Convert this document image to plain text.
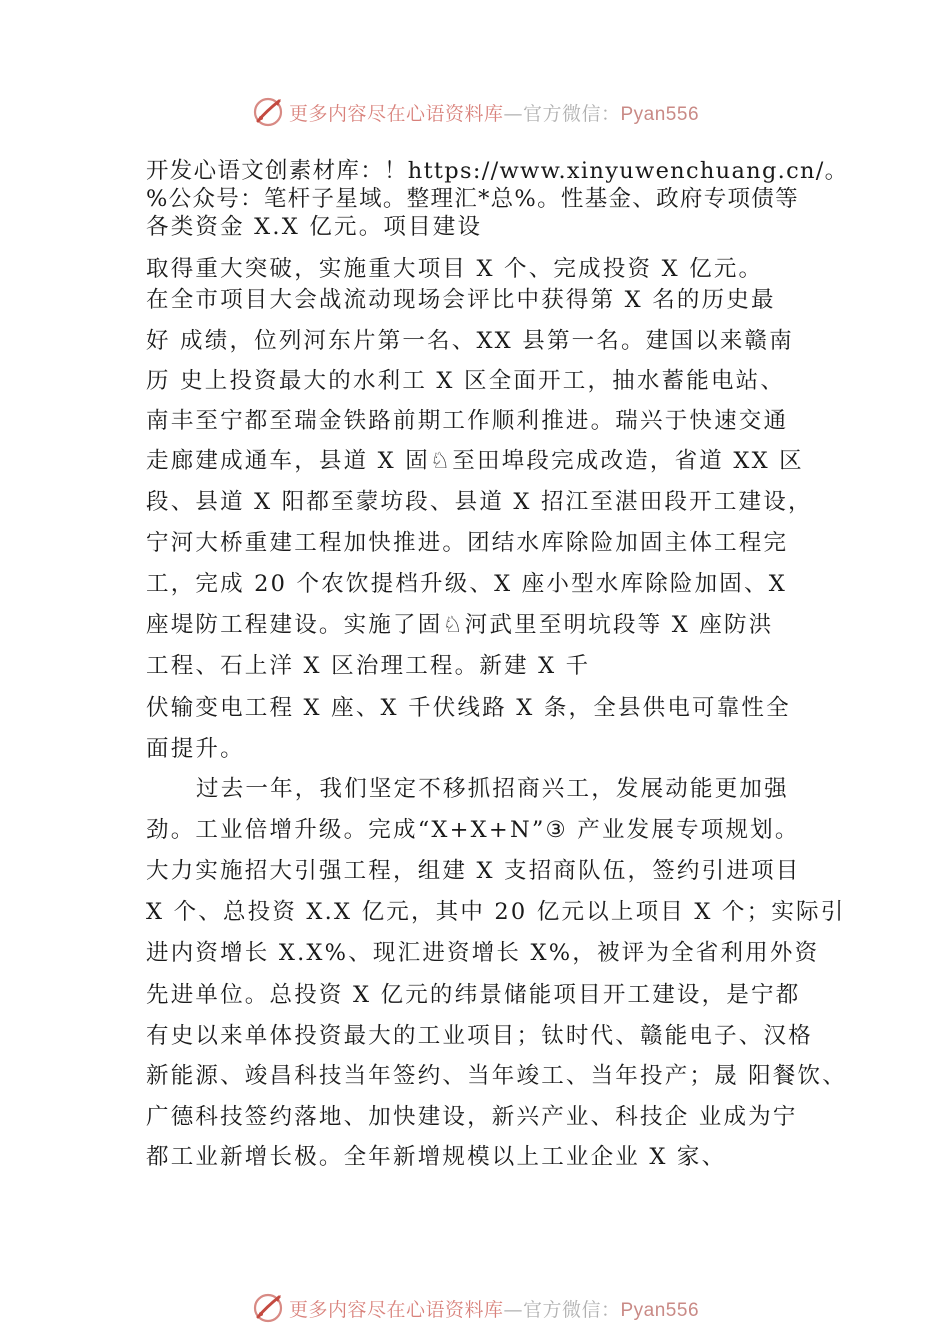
更多内容尽在心语资料库—官方微信：Pyan556
开发心语文创素材库：！https://www.xinyuwenchuang.cn/。
%公众号：笔杆子星域。整理汇*总%。性基金、政府专项债等
各类资金 X.X 亿元。项目建设
取得重大突破，实施重大项目 X 个、完成投资 X 亿元。
在全市项目大会战流动现场会评比中获得第 X 名的历史最
好 成绩，位列河东片第一名、XX 县第一名。建国以来赣南
历 史上投资最大的水利工 X 区全面开工，抽水蓄能电站、
南丰至宁都至瑞金铁路前期工作顺利推进。瑞兴于快速交通
走廊建成通车，县道 X 固♘至田埠段完成改造，省道 XX 区
段、县道 X 阳都至蒙坊段、县道 X 招江至湛田段开工建设，
宁河大桥重建工程加快推进。团结水库除险加固主体工程完
工，完成 20 个农饮提档升级、X 座小型水库除险加固、X
座堤防工程建设。实施了固♘河武里至明坑段等 X 座防洪
工程、石上洋 X 区治理工程。新建 X 千
伏输变电工程 X 座、X 千伏线路 X 条，全县供电可靠性全
面提升。
过去一年，我们坚定不移抓招商兴工，发展动能更加强
劲。工业倍增升级。完成“X+X+N”③ 产业发展专项规划。
大力实施招大引强工程，组建 X 支招商队伍，签约引进项目
X 个、总投资 X.X 亿元，其中 20 亿元以上项目 X 个；实际引
进内资增长 X.X%、现汇进资增长 X%，被评为全省利用外资
先进单位。总投资 X 亿元的纬景储能项目开工建设，是宁都
有史以来单体投资最大的工业项目；钛时代、赣能电子、汉格
新能源、竣昌科技当年签约、当年竣工、当年投产；晟 阳餐饮、
广德科技签约落地、加快建设，新兴产业、科技企 业成为宁
都工业新增长极。全年新增规模以上工业企业 X 家、
更多内容尽在心语资料库—官方微信：Pyan556
